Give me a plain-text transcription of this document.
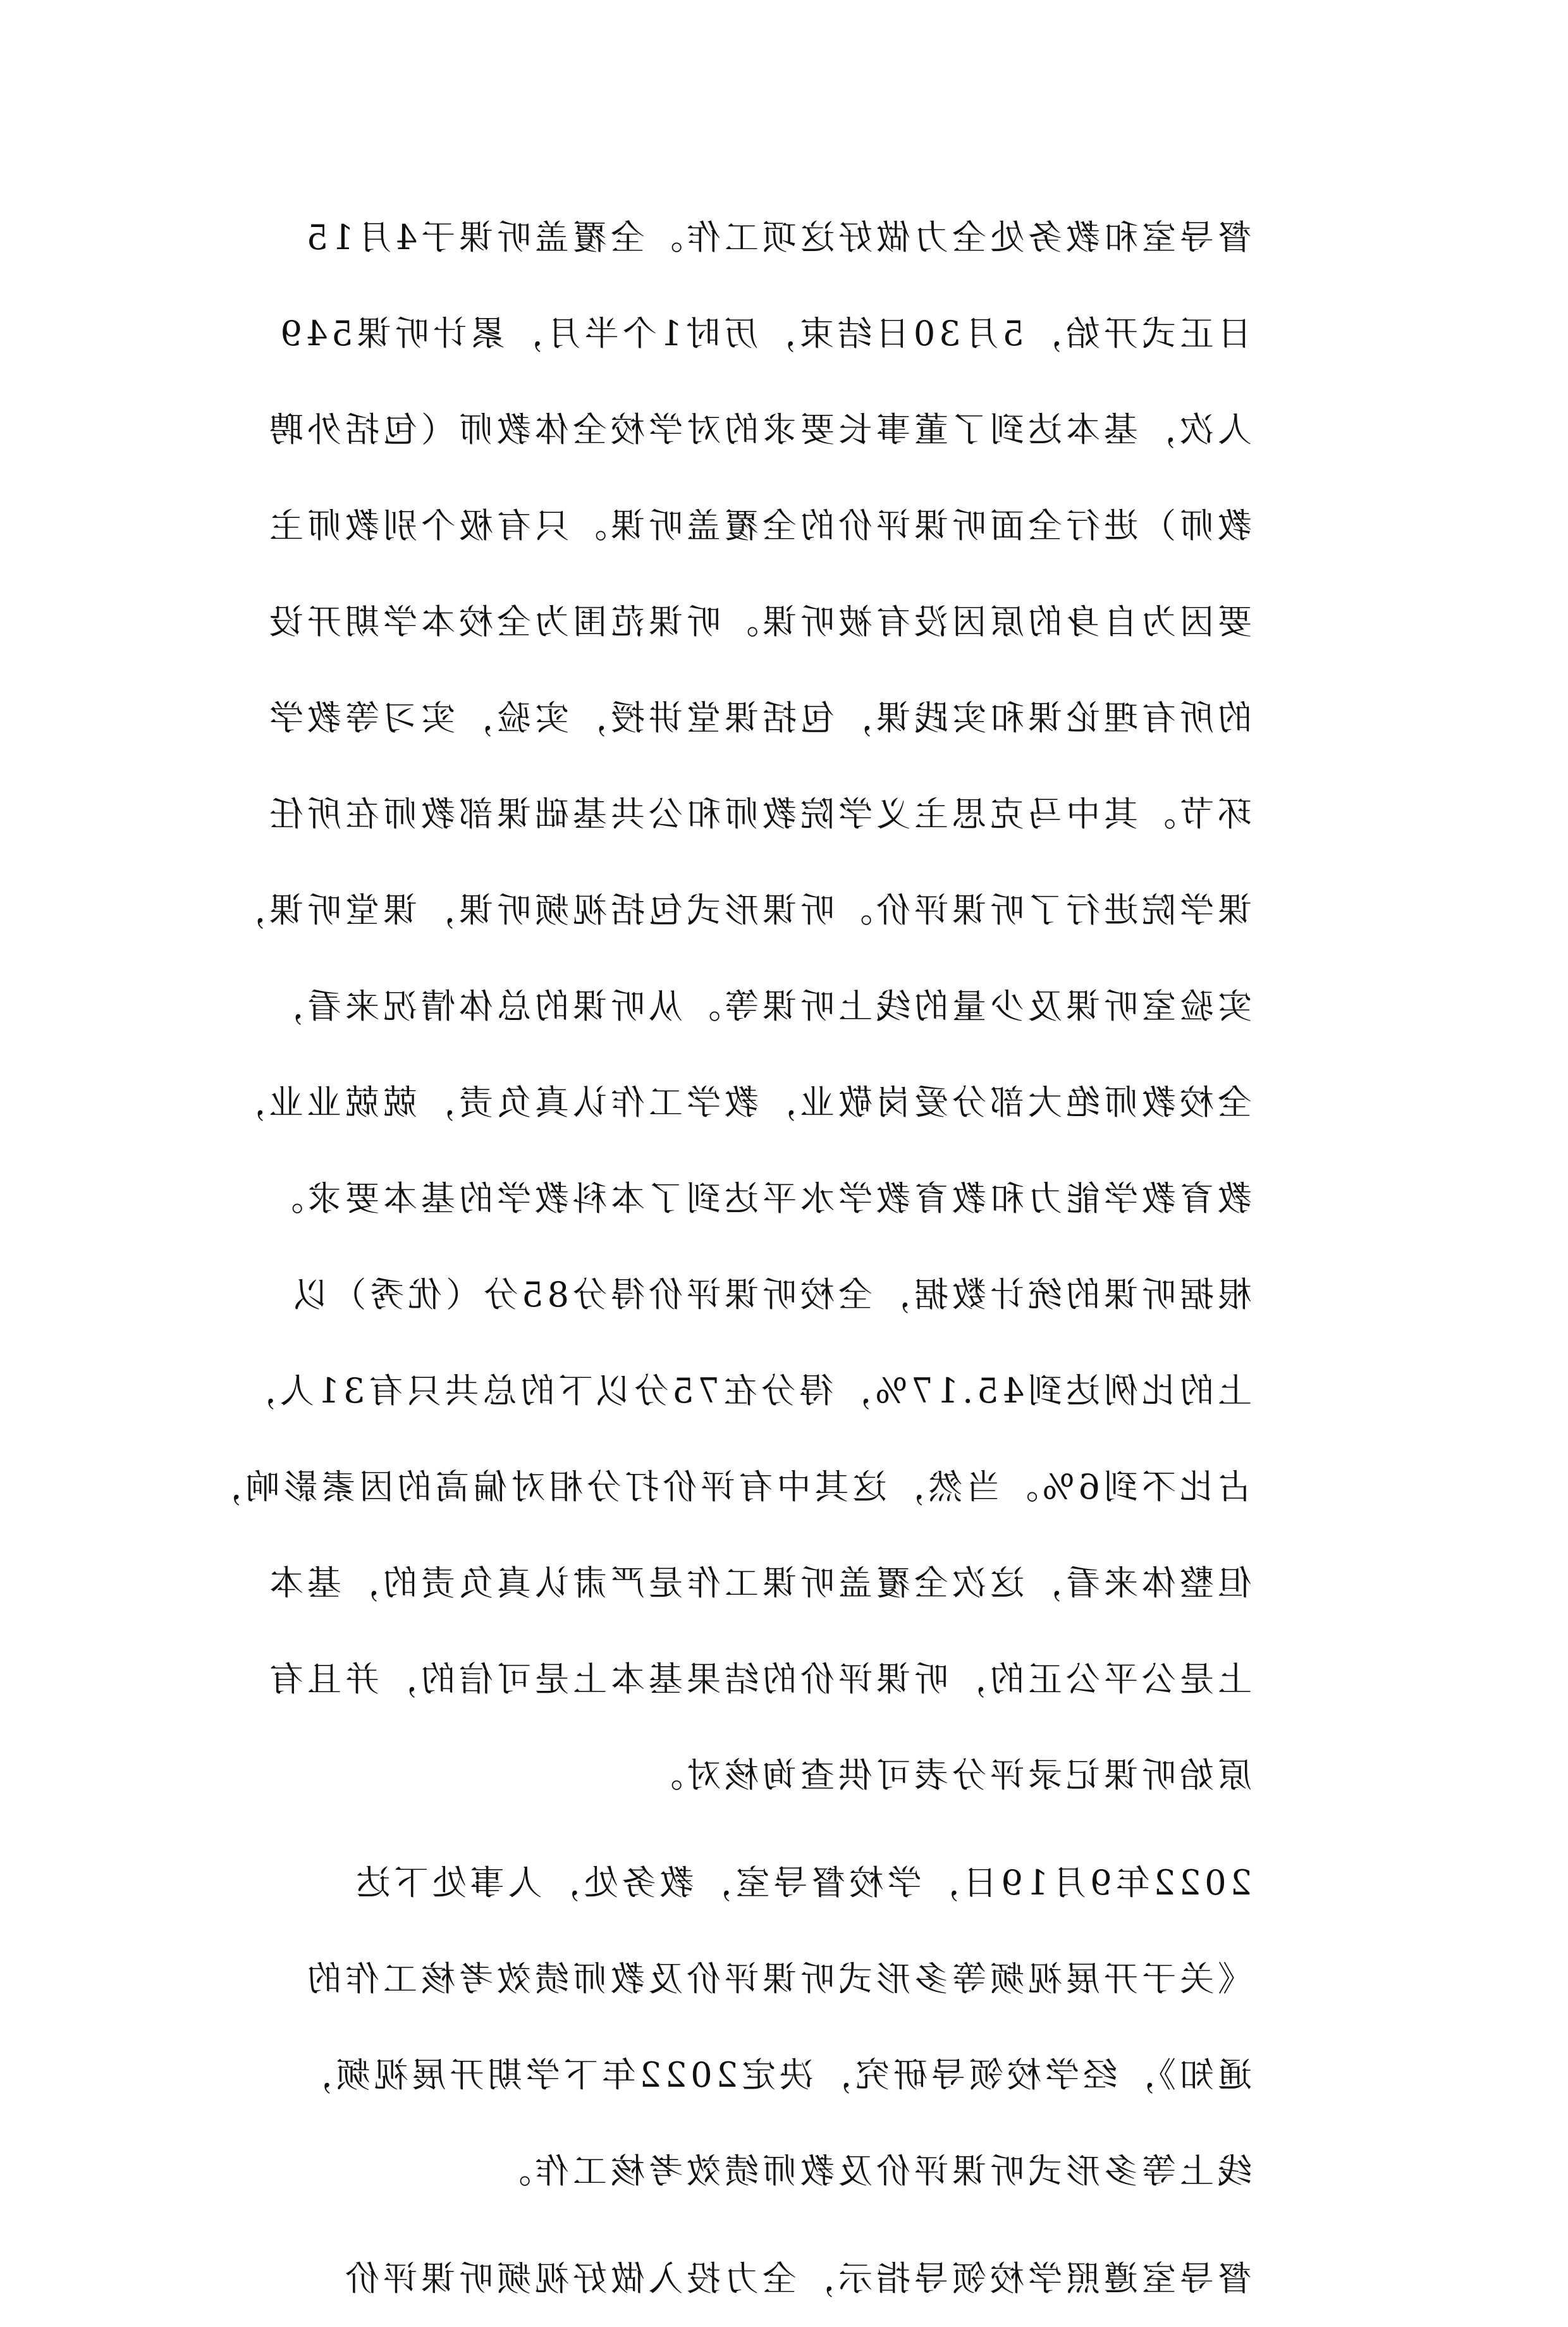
督导室和教务处全力做好这项工作。全覆盖听课于4月15
日正式开始，5月30日结束，历时1个半月，累计听课549
人次，基本达到了董事长要求的对学校全体教师（包括外聘
教师）进行全面听课评价的全覆盖听课。只有极个别教师主
要因为自身的原因没有被听课。听课范围为全校本学期开设
的所有理论课和实践课，包括课堂讲授，实验，实习等教学
环节。其中马克思主义学院教师和公共基础课部教师在所任
课学院进行了听课评价。听课形式包括视频听课，课堂听课，
实验室听课及少量的线上听课等。从听课的总体情况来看，
全校教师绝大部分爱岗敬业，教学工作认真负责，兢兢业业，
教育教学能力和教育教学水平达到了本科教学的基本要求。
根据听课的统计数据，全校听课评价得分85分（优秀）以
上的比例达到45.17%，得分在75分以下的总共只有31人，
占比不到6%。当然，这其中有评价打分相对偏高的因素影响，
但整体来看，这次全覆盖听课工作是严肃认真负责的，基本
上是公平公正的，听课评价的结果基本上是可信的，并且有
原始听课记录评分表可供查询核对。
2022年9月19日，学校督导室，教务处，人事处下达
《关于开展视频等多形式听课评价及教师绩效考核工作的
通知》，经学校领导研究，决定2022年下学期开展视频，
线上等多形式听课评价及教师绩效考核工作。
督导室遵照学校领导指示，全力投入做好视频听课评价
